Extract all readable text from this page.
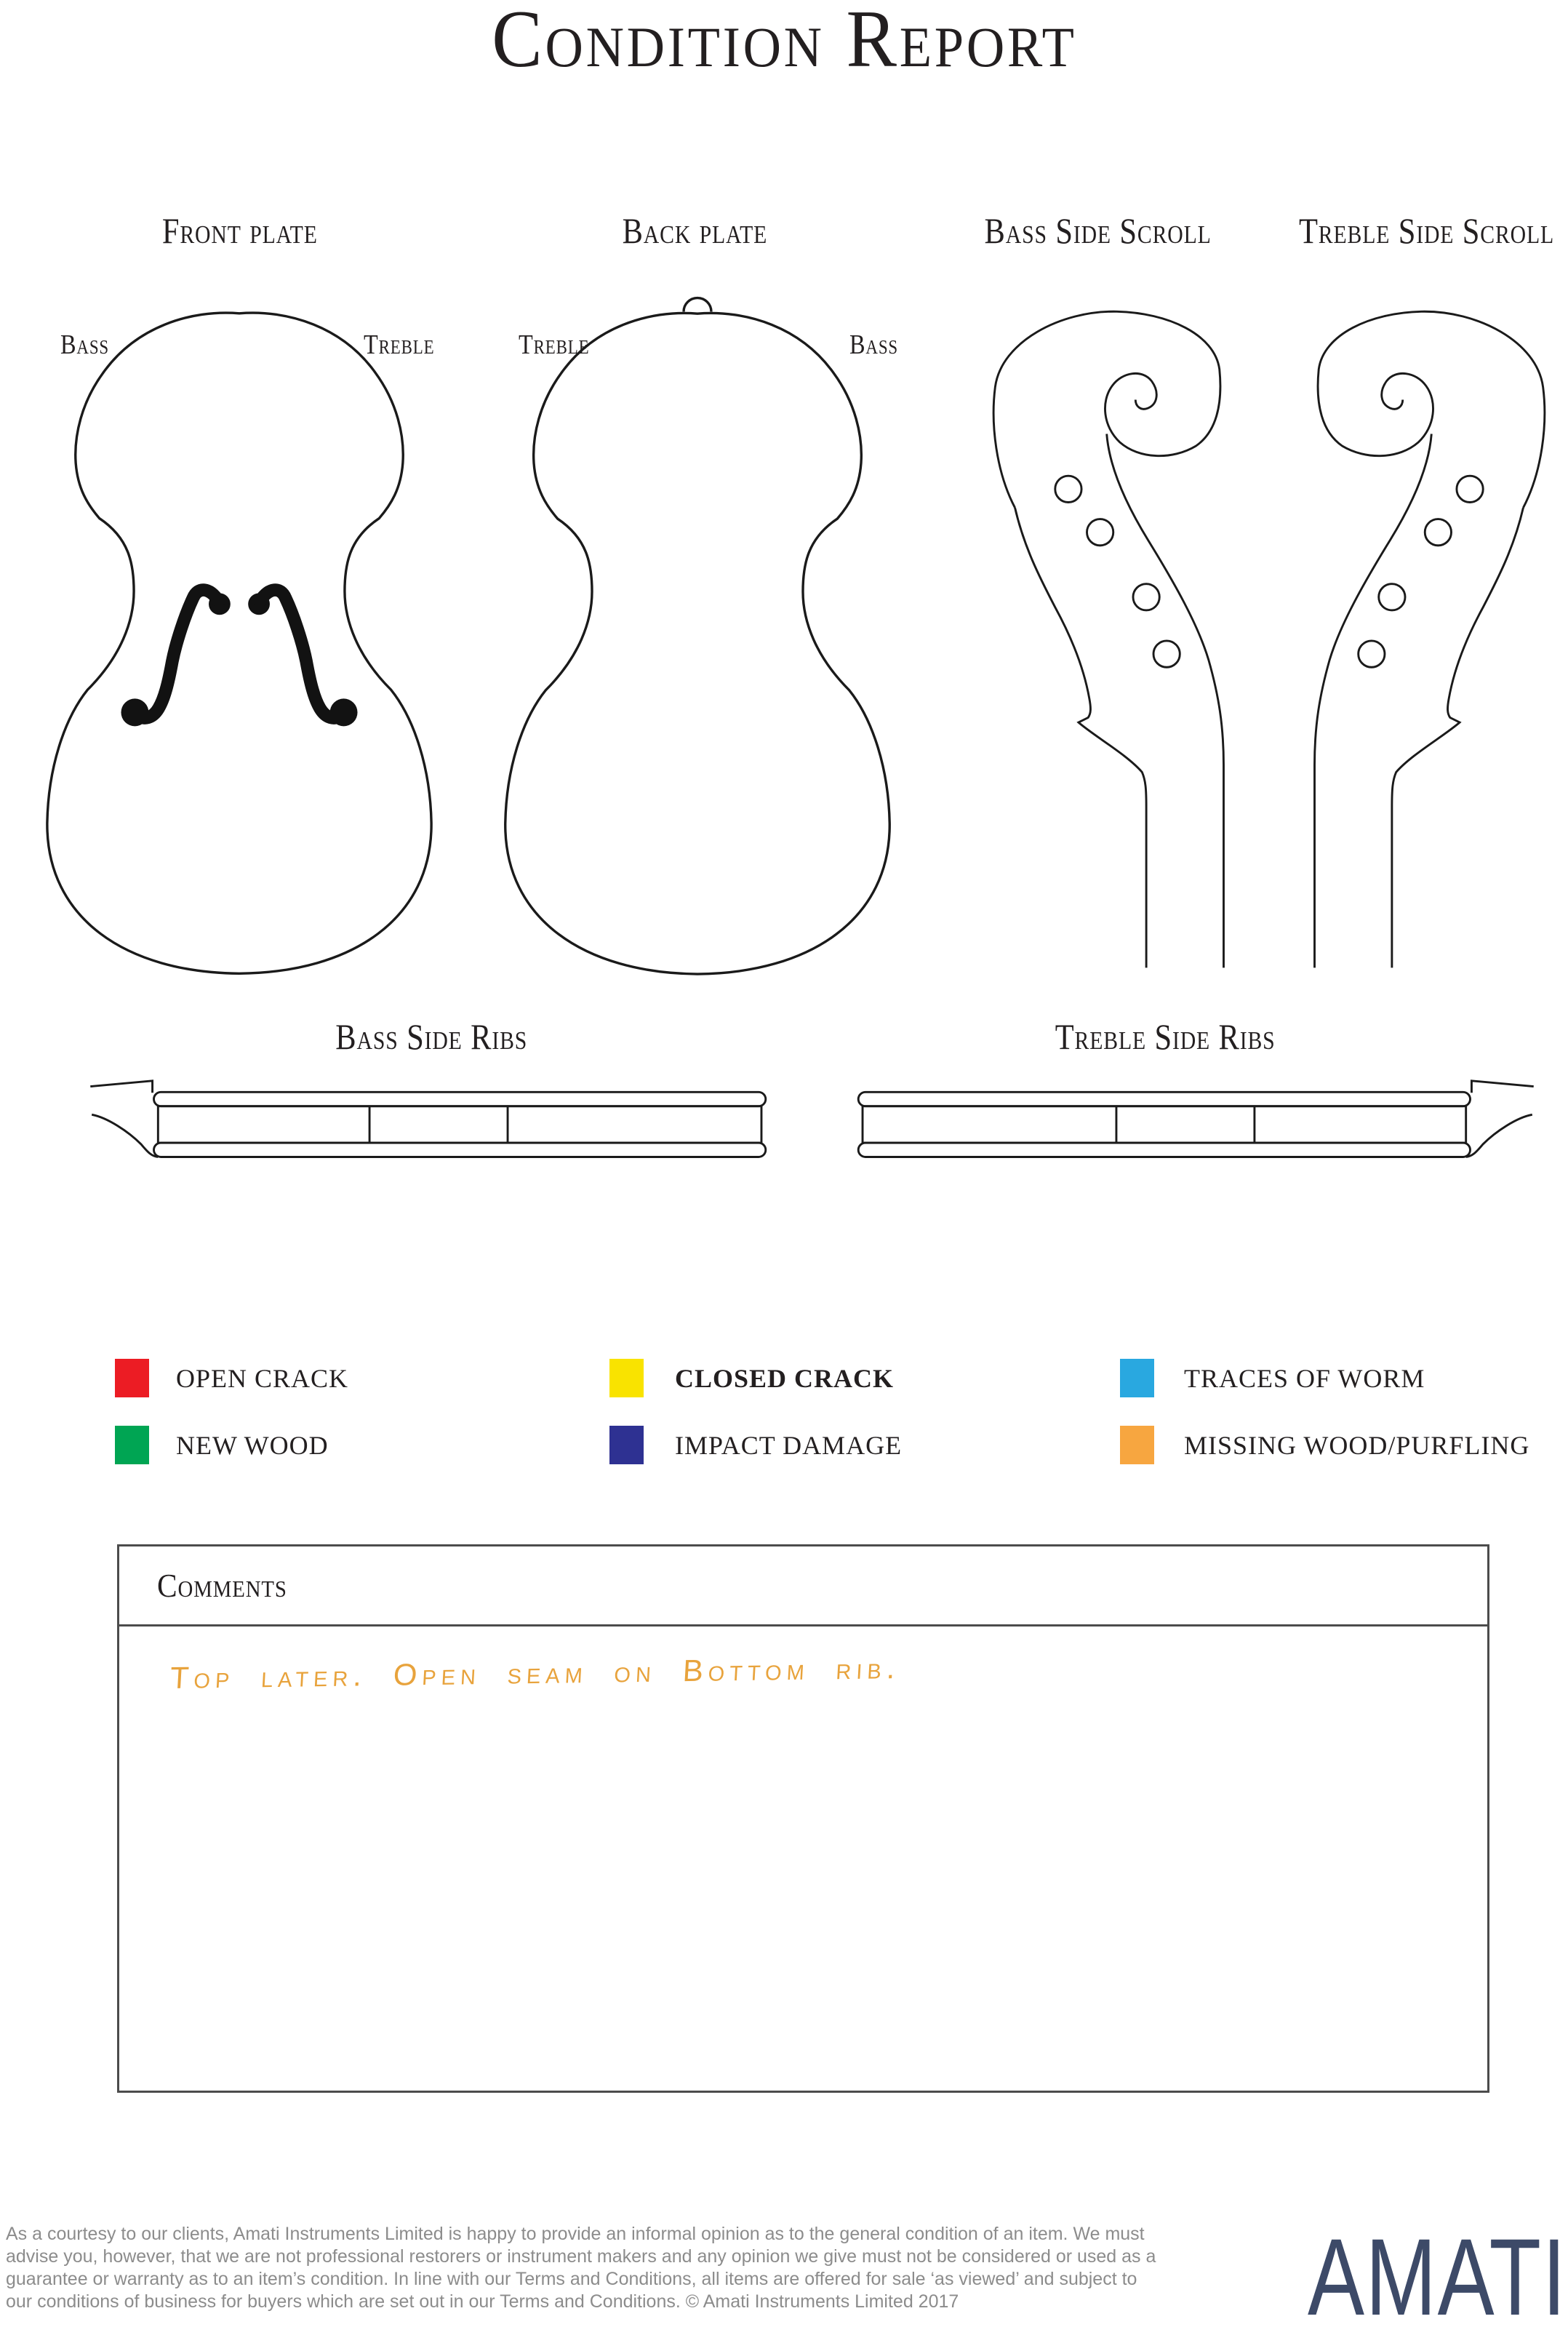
Condition Report
Front plate	Back plate	Bass Side Scroll	Treble Side Scroll
Bass	Treble	Treble	Bass
Bass Side Ribs	Treble Side Ribs
OPEN CRACK	CLOSED CRACK	TRACES OF WORM
NEW WOOD	IMPACT DAMAGE	MISSING WOOD/PURFLING
Comments
Top later. Open seam on Bottom rib.
As a courtesy to our clients, Amati Instruments Limited is happy to provide an informal opinion as to the general condition of an item. We must advise you, however, that we are not professional restorers or instrument makers and any opinion we give must not be considered or used as a guarantee or warranty as to an item’s condition. In line with our Terms and Conditions, all items are offered for sale ‘as viewed’ and subject to our conditions of business for buyers which are set out in our Terms and Conditions. © Amati Instruments Limited 2017	AMATI
